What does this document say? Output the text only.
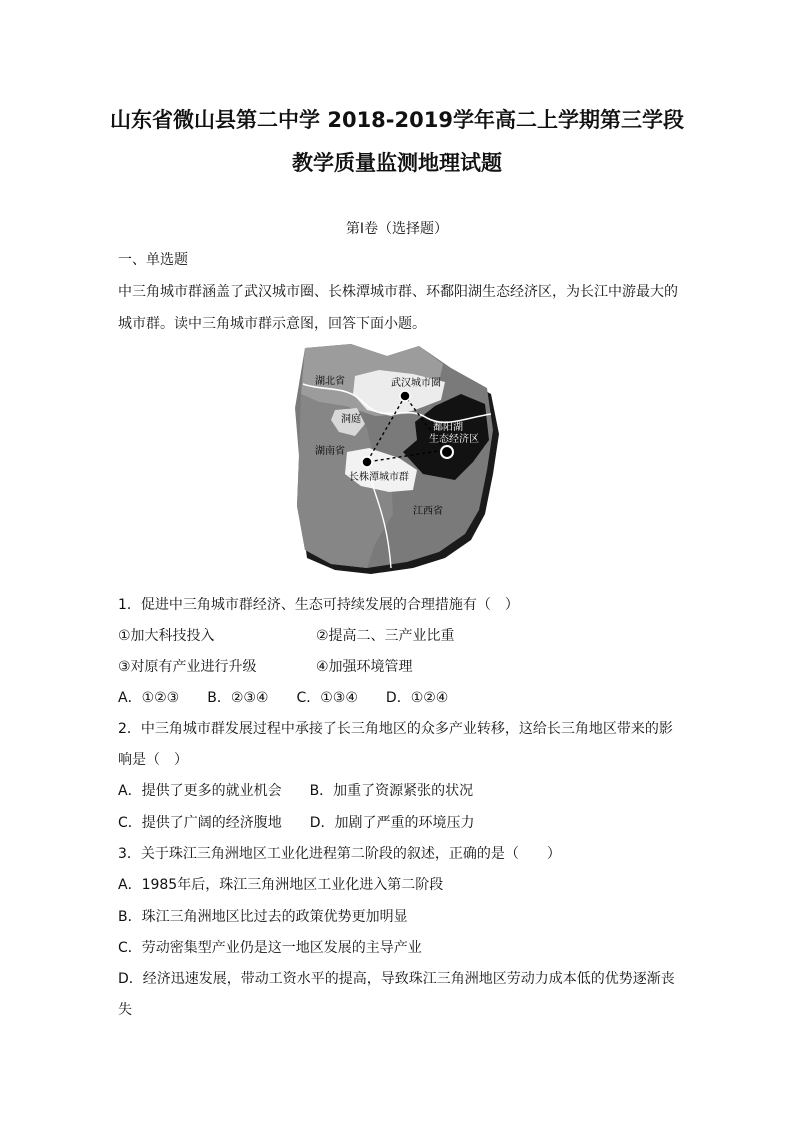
山东省微山县第二中学 2018-2019学年高二上学期第三学段
教学质量监测地理试题
第Ⅰ卷（选择题）
一、单选题
中三角城市群涵盖了武汉城市圈、长株潭城市群、环鄱阳湖生态经济区，为长江中游最大的
城市群。读中三角城市群示意图，回答下面小题。
湖北省	武汉城市圈
洞庭
鄱阳湖
生态经济区
湖南省
长株潭城市群
江西省
1．促进中三角城市群经济、生态可持续发展的合理措施有（　）
①加大科技投入	②提高二、三产业比重
③对原有产业进行升级	④加强环境管理
A．①②③　　B．②③④　　C．①③④　　D．①②④
2．中三角城市群发展过程中承接了长三角地区的众多产业转移，这给长三角地区带来的影
响是（　）
A．提供了更多的就业机会　　B．加重了资源紧张的状况
C．提供了广阔的经济腹地　　D．加剧了严重的环境压力
3．关于珠江三角洲地区工业化进程第二阶段的叙述，正确的是（　　）
A．1985年后，珠江三角洲地区工业化进入第二阶段
B．珠江三角洲地区比过去的政策优势更加明显
C．劳动密集型产业仍是这一地区发展的主导产业
D．经济迅速发展，带动工资水平的提高，导致珠江三角洲地区劳动力成本低的优势逐渐丧
失
